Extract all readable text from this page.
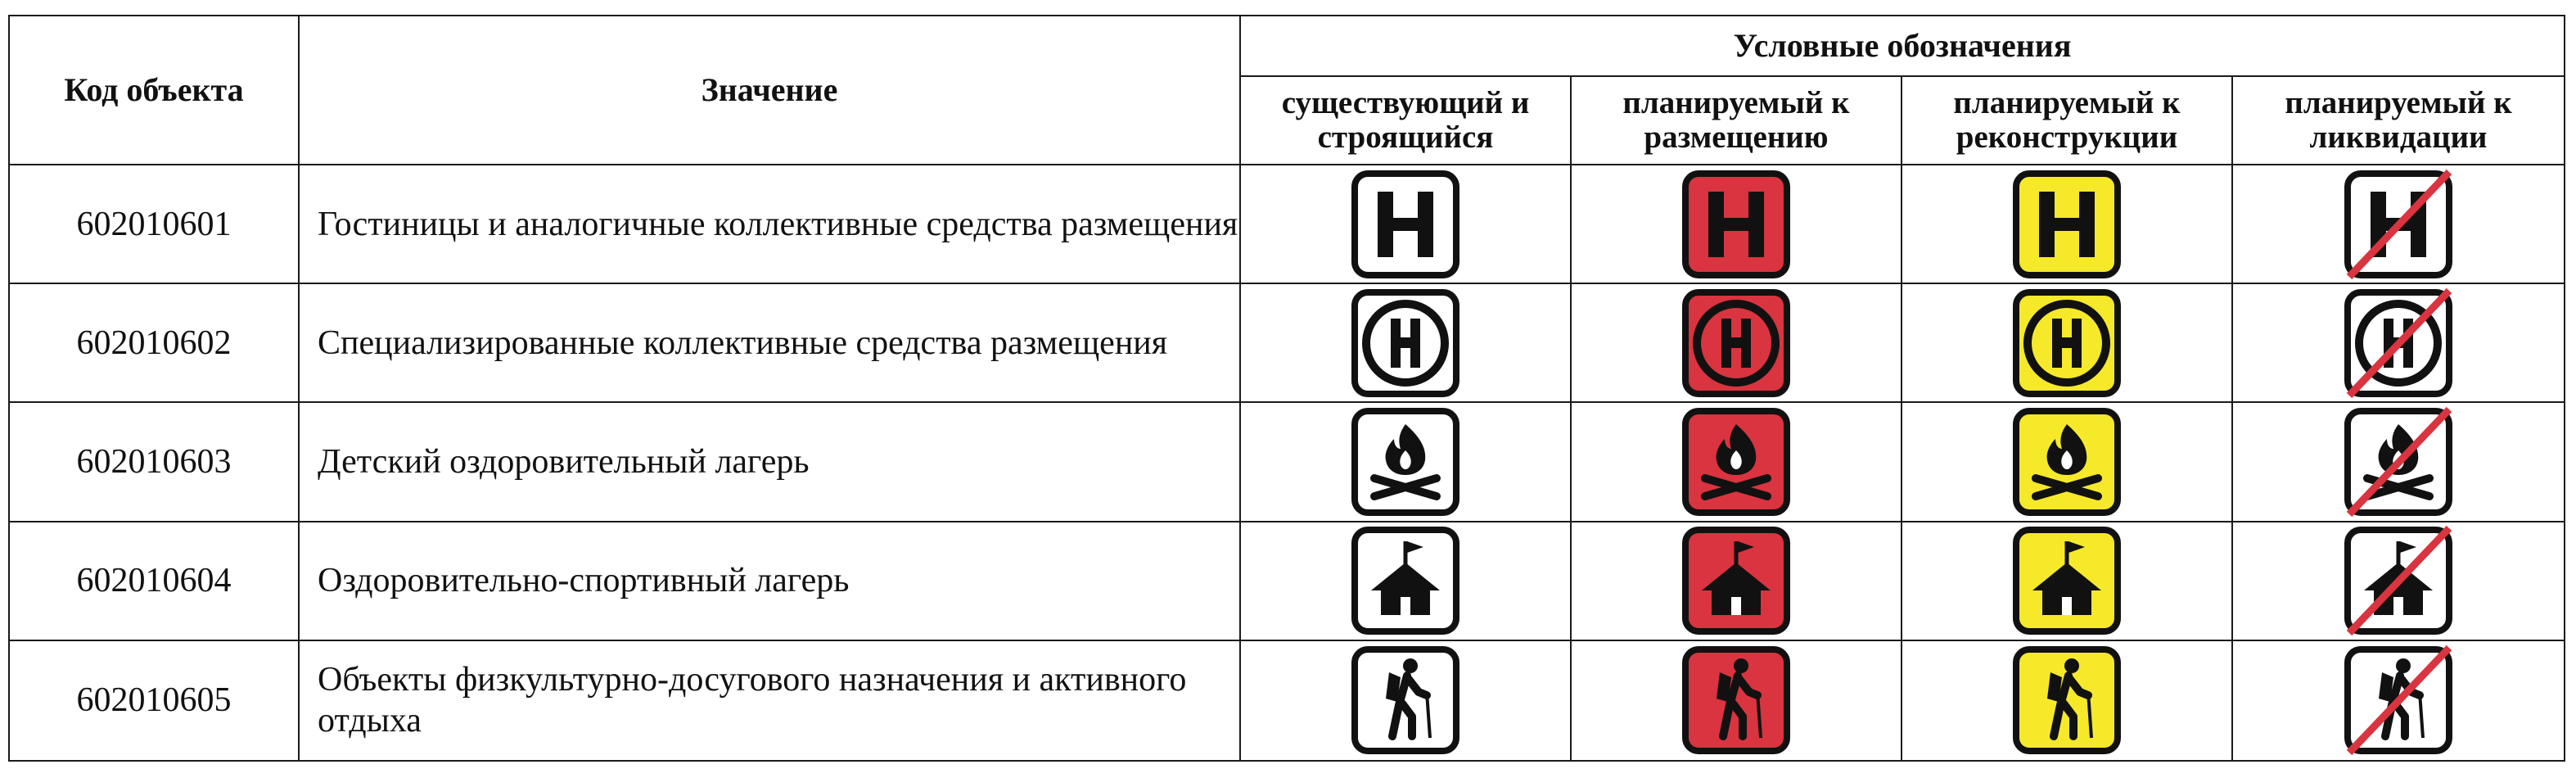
Код объекта	Значение	Условные обозначения			
		существующий и строящийся	планируемый к размещению	планируемый к реконструкции	планируемый к ликвидации
602010601	Гостиницы и аналогичные коллективные средства размещения	

602010602	Специализированные коллективные средства размещения	

602010603	Детский оздоровительный лагерь	

602010604	Оздоровительно-спортивный лагерь	

602010605	Объекты физкультурно-досугового назначения и активного отдыха	
